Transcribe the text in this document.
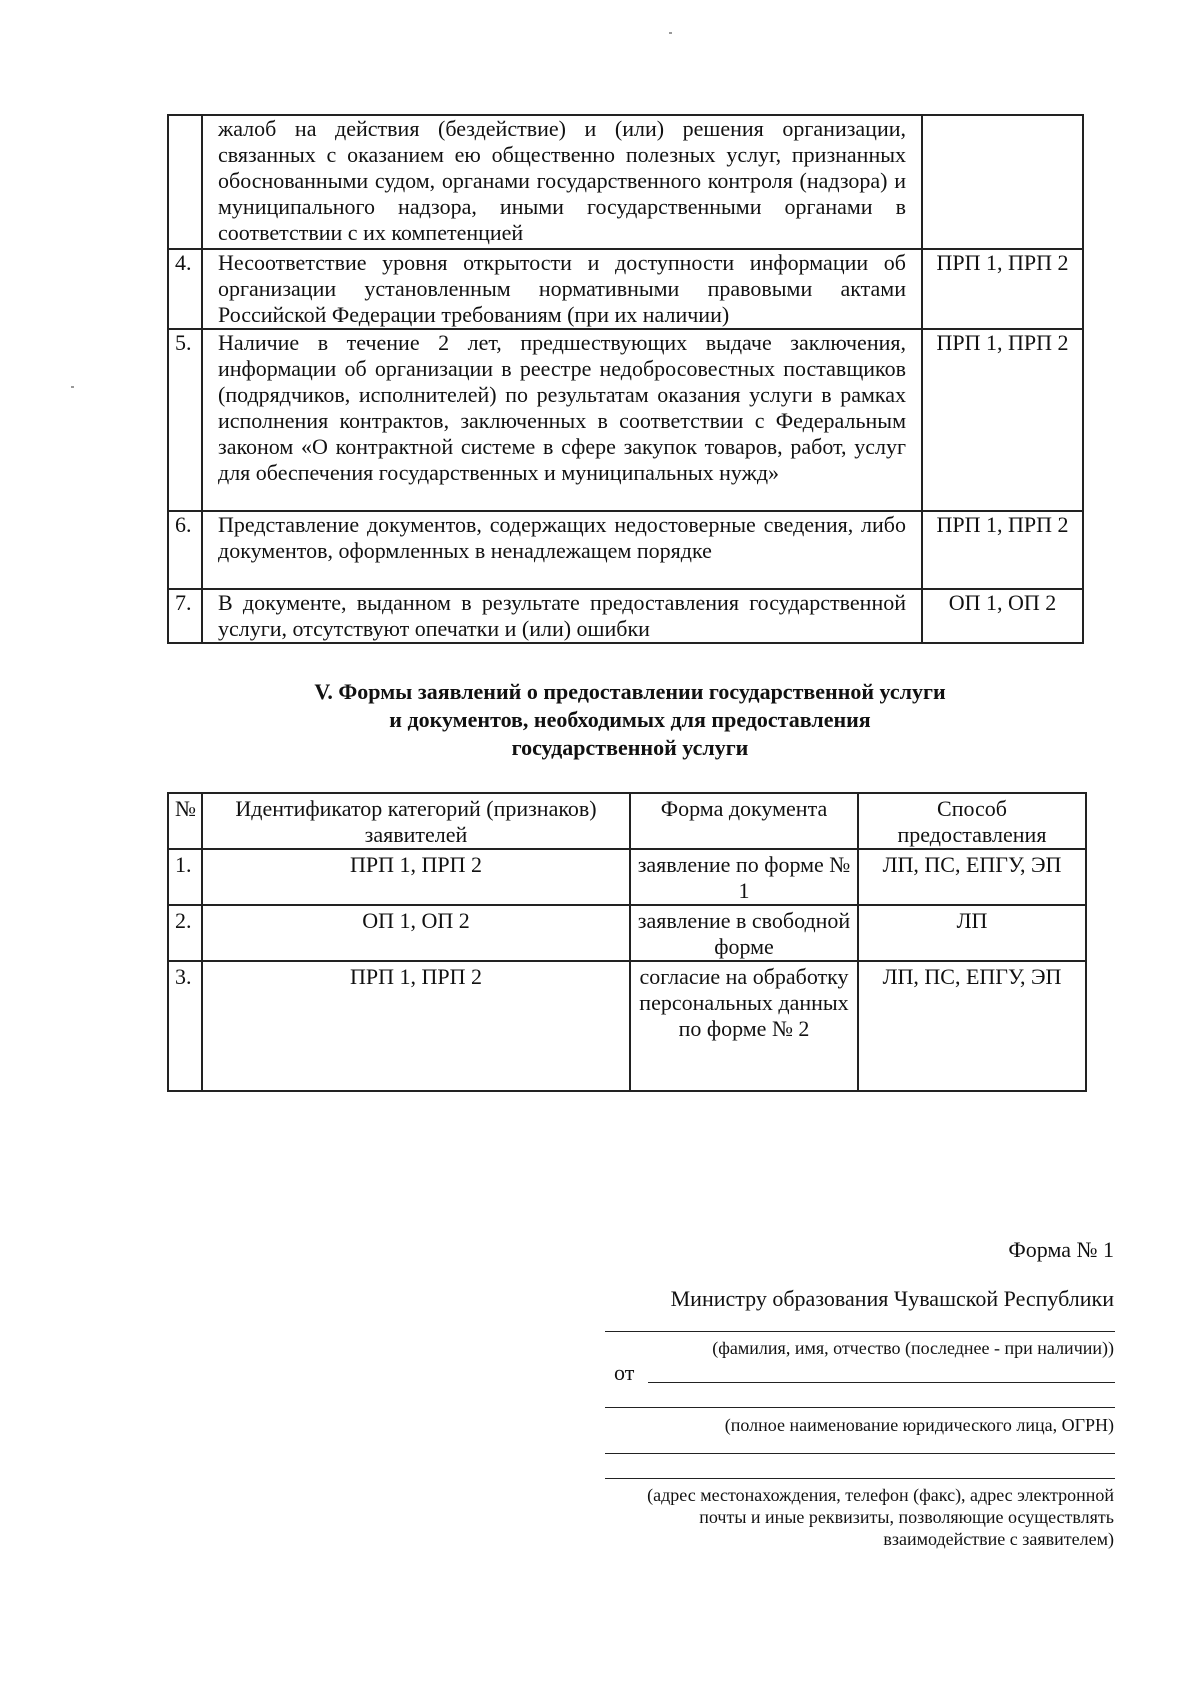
	жалоб на действия (бездействие) и (или) решения организации, связанных с оказанием ею общественно полезных услуг, признанных обоснованными судом, органами государственного контроля (надзора) и муниципального надзора, иными государственными органами в соответствии с их компетенцией	
4.	Несоответствие уровня открытости и доступности информации об организации установленным нормативными правовыми актами Российской Федерации требованиям (при их наличии)	ПРП 1, ПРП 2
5.	Наличие в течение 2 лет, предшествующих выдаче заключения, информации об организации в реестре недобросовестных поставщиков (подрядчиков, исполнителей) по результатам оказания услуги в рамках исполнения контрактов, заключенных в соответствии с Федеральным законом «О контрактной системе в сфере закупок товаров, работ, услуг для обеспечения государственных и муниципальных нужд»	ПРП 1, ПРП 2
6.	Представление документов, содержащих недостоверные сведения, либо документов, оформленных в ненадлежащем порядке	ПРП 1, ПРП 2
7.	В документе, выданном в результате предоставления государственной услуги, отсутствуют опечатки и (или) ошибки	ОП 1, ОП 2
V. Формы заявлений о предоставлении государственной услуги
и документов, необходимых для предоставления
государственной услуги
№	Идентификатор категорий (признаков) заявителей	Форма документа	Способ предоставления
1.	ПРП 1, ПРП 2	заявление по форме № 1	ЛП, ПС, ЕПГУ, ЭП
2.	ОП 1, ОП 2	заявление в свободной форме	ЛП
3.	ПРП 1, ПРП 2	согласие на обработку персональных данных по форме № 2	ЛП, ПС, ЕПГУ, ЭП
Форма № 1
Министру образования Чувашской Республики
(фамилия, имя, отчество (последнее - при наличии))
от
(полное наименование юридического лица, ОГРН)
(адрес местонахождения, телефон (факс), адрес электронной почты и иные реквизиты, позволяющие осуществлять взаимодействие с заявителем)
